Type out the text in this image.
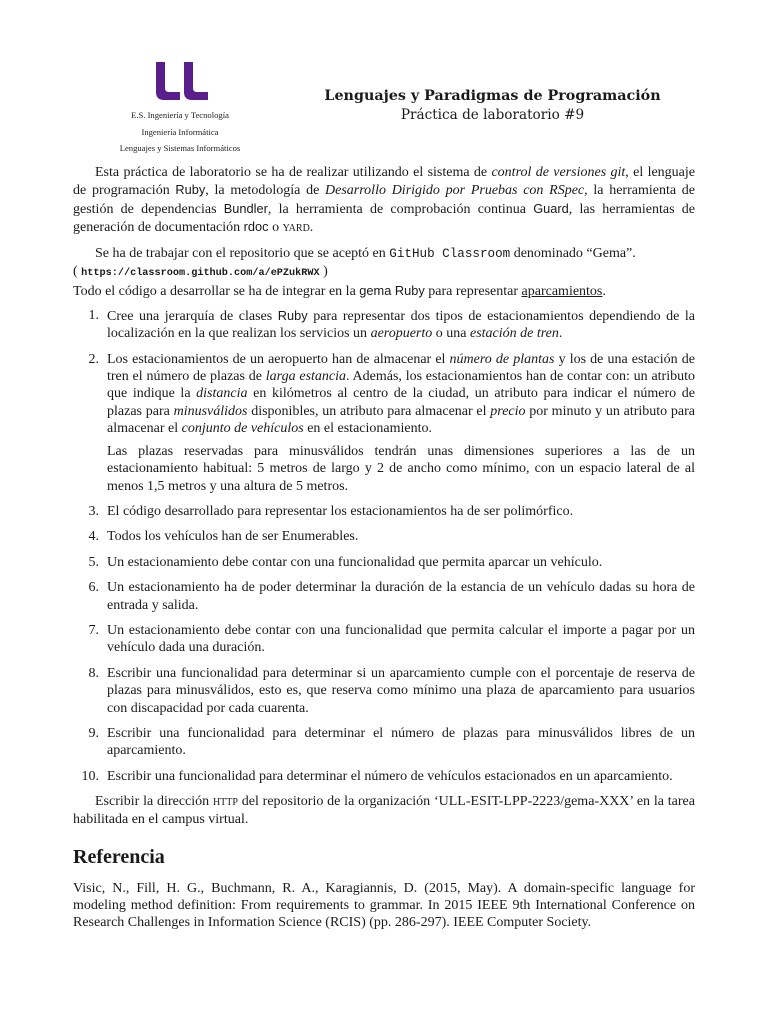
E.S. Ingeniería y Tecnología
Ingeniería Informática
Lenguajes y Sistemas Informáticos
Lenguajes y Paradigmas de Programación
Práctica de laboratorio #9

Esta práctica de laboratorio se ha de realizar utilizando el sistema de control de versiones git, el lenguaje de programación Ruby, la metodología de Desarrollo Dirigido por Pruebas con RSpec, la herramienta de gestión de dependencias Bundler, la herramienta de comprobación continua Guard, las herramientas de generación de documentación rdoc o yard.

Se ha de trabajar con el repositorio que se aceptó en GitHub Classroom denominado “Gema”.
( https://classroom.github.com/a/ePZukRWX )

Todo el código a desarrollar se ha de integrar en la gema Ruby para representar aparcamientos.

1. Cree una jerarquía de clases Ruby para representar dos tipos de estacionamientos dependiendo de la localización en la que realizan los servicios un aeropuerto o una estación de tren.
2. Los estacionamientos de un aeropuerto han de almacenar el número de plantas y los de una estación de tren el número de plazas de larga estancia. Además, los estacionamientos han de contar con: un atributo que indique la distancia en kilómetros al centro de la ciudad, un atributo para indicar el número de plazas para minusválidos disponibles, un atributo para almacenar el precio por minuto y un atributo para almacenar el conjunto de vehículos en el estacionamiento.
Las plazas reservadas para minusválidos tendrán unas dimensiones superiores a las de un estacionamiento habitual: 5 metros de largo y 2 de ancho como mínimo, con un espacio lateral de al menos 1,5 metros y una altura de 5 metros.
3. El código desarrollado para representar los estacionamientos ha de ser polimórfico.
4. Todos los vehículos han de ser Enumerables.
5. Un estacionamiento debe contar con una funcionalidad que permita aparcar un vehículo.
6. Un estacionamiento ha de poder determinar la duración de la estancia de un vehículo dadas su hora de entrada y salida.
7. Un estacionamiento debe contar con una funcionalidad que permita calcular el importe a pagar por un vehículo dada una duración.
8. Escribir una funcionalidad para determinar si un aparcamiento cumple con el porcentaje de reserva de plazas para minusválidos, esto es, que reserva como mínimo una plaza de aparcamiento para usuarios con discapacidad por cada cuarenta.
9. Escribir una funcionalidad para determinar el número de plazas para minusválidos libres de un aparcamiento.
10. Escribir una funcionalidad para determinar el número de vehículos estacionados en un aparcamiento.

Escribir la dirección http del repositorio de la organización ‘ULL-ESIT-LPP-2223/gema-XXX’ en la tarea habilitada en el campus virtual.

Referencia
Visic, N., Fill, H. G., Buchmann, R. A., Karagiannis, D. (2015, May). A domain-specific language for modeling method definition: From requirements to grammar. In 2015 IEEE 9th International Conference on Research Challenges in Information Science (RCIS) (pp. 286-297). IEEE Computer Society.
